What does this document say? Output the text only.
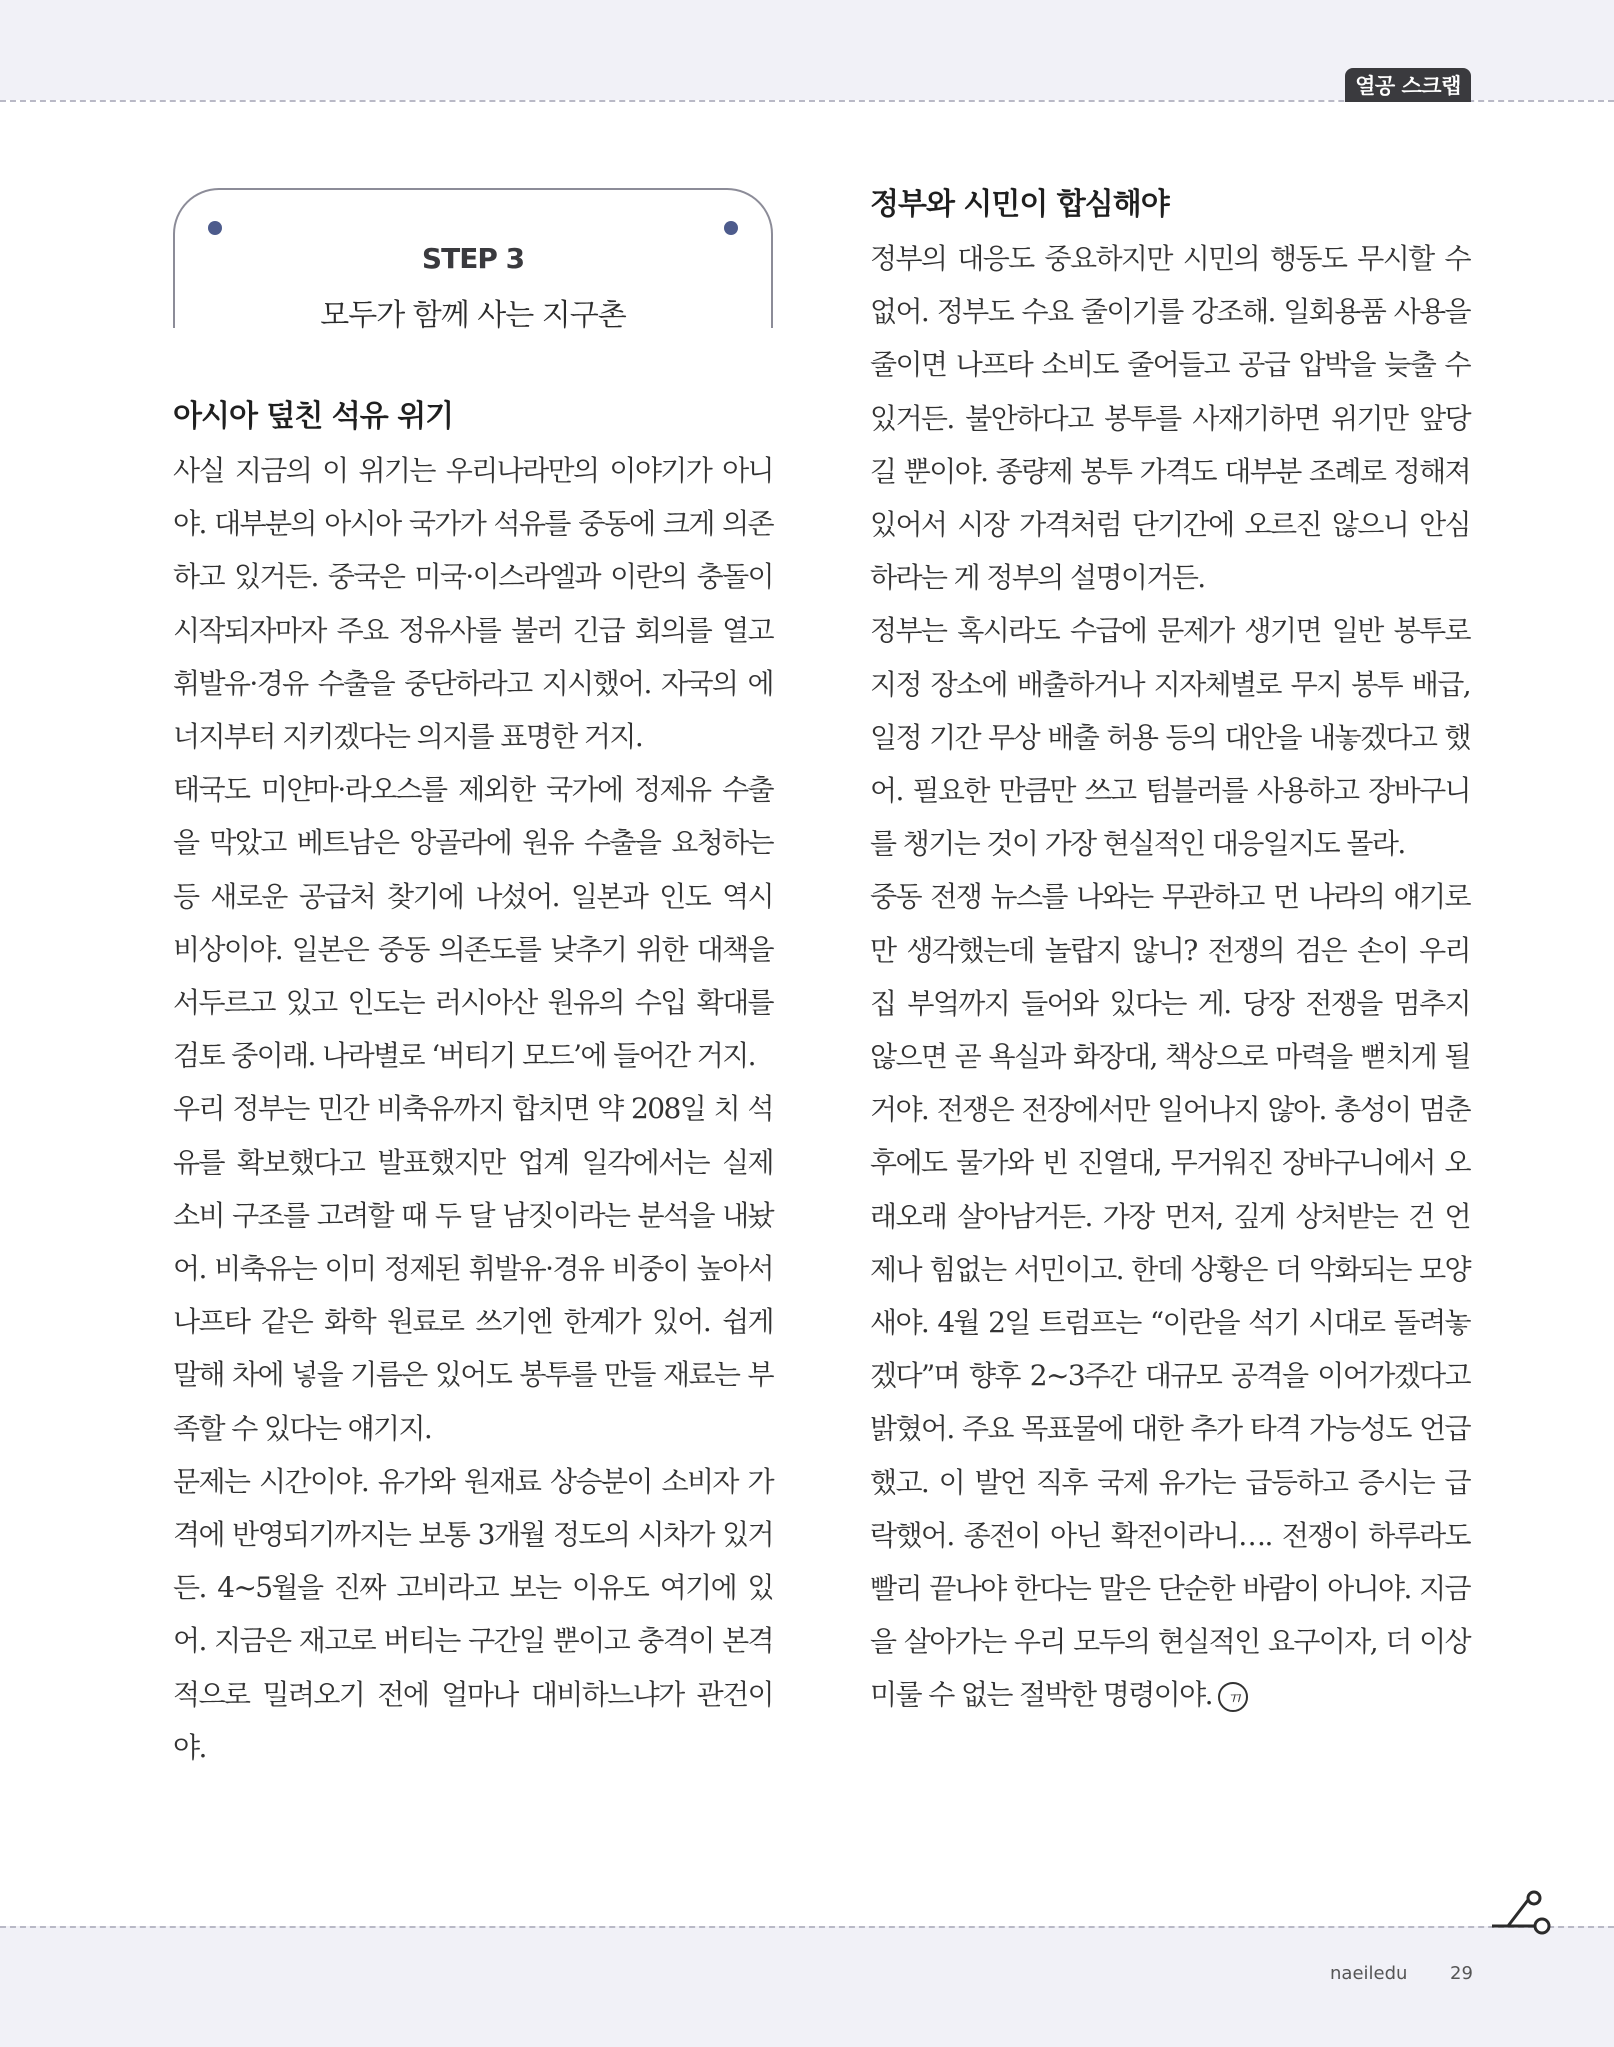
열공 스크랩
STEP 3
모두가 함께 사는 지구촌
아시아 덮친 석유 위기

사실 지금의 이 위기는 우리나라만의 이야기가 아니야. 대부분의 아시아 국가가 석유를 중동에 크게 의존하고 있거든. 중국은 미국·이스라엘과 이란의 충돌이 시작되자마자 주요 정유사를 불러 긴급 회의를 열고 휘발유·경유 수출을 중단하라고 지시했어. 자국의 에너지부터 지키겠다는 의지를 표명한 거지.

태국도 미얀마·라오스를 제외한 국가에 정제유 수출을 막았고 베트남은 앙골라에 원유 수출을 요청하는 등 새로운 공급처 찾기에 나섰어. 일본과 인도 역시 비상이야. 일본은 중동 의존도를 낮추기 위한 대책을 서두르고 있고 인도는 러시아산 원유의 수입 확대를 검토 중이래. 나라별로 ‘버티기 모드’에 들어간 거지.

우리 정부는 민간 비축유까지 합치면 약 208일 치 석유를 확보했다고 발표했지만 업계 일각에서는 실제 소비 구조를 고려할 때 두 달 남짓이라는 분석을 내놨어. 비축유는 이미 정제된 휘발유·경유 비중이 높아서 나프타 같은 화학 원료로 쓰기엔 한계가 있어. 쉽게 말해 차에 넣을 기름은 있어도 봉투를 만들 재료는 부족할 수 있다는 얘기지.

문제는 시간이야. 유가와 원재료 상승분이 소비자 가격에 반영되기까지는 보통 3개월 정도의 시차가 있거든. 4~5월을 진짜 고비라고 보는 이유도 여기에 있어. 지금은 재고로 버티는 구간일 뿐이고 충격이 본격적으로 밀려오기 전에 얼마나 대비하느냐가 관건이야.

정부와 시민이 합심해야

정부의 대응도 중요하지만 시민의 행동도 무시할 수 없어. 정부도 수요 줄이기를 강조해. 일회용품 사용을 줄이면 나프타 소비도 줄어들고 공급 압박을 늦출 수 있거든. 불안하다고 봉투를 사재기하면 위기만 앞당길 뿐이야. 종량제 봉투 가격도 대부분 조례로 정해져 있어서 시장 가격처럼 단기간에 오르진 않으니 안심하라는 게 정부의 설명이거든.

정부는 혹시라도 수급에 문제가 생기면 일반 봉투로 지정 장소에 배출하거나 지자체별로 무지 봉투 배급, 일정 기간 무상 배출 허용 등의 대안을 내놓겠다고 했어. 필요한 만큼만 쓰고 텀블러를 사용하고 장바구니를 챙기는 것이 가장 현실적인 대응일지도 몰라.

중동 전쟁 뉴스를 나와는 무관하고 먼 나라의 얘기로만 생각했는데 놀랍지 않니? 전쟁의 검은 손이 우리 집 부엌까지 들어와 있다는 게. 당장 전쟁을 멈추지 않으면 곧 욕실과 화장대, 책상으로 마력을 뻗치게 될 거야. 전쟁은 전장에서만 일어나지 않아. 총성이 멈춘 후에도 물가와 빈 진열대, 무거워진 장바구니에서 오래오래 살아남거든. 가장 먼저, 깊게 상처받는 건 언제나 힘없는 서민이고. 한데 상황은 더 악화되는 모양새야. 4월 2일 트럼프는 “이란을 석기 시대로 돌려놓겠다”며 향후 2~3주간 대규모 공격을 이어가겠다고 밝혔어. 주요 목표물에 대한 추가 타격 가능성도 언급했고. 이 발언 직후 국제 유가는 급등하고 증시는 급락했어. 종전이 아닌 확전이라니…. 전쟁이 하루라도 빨리 끝나야 한다는 말은 단순한 바람이 아니야. 지금을 살아가는 우리 모두의 현실적인 요구이자, 더 이상 미룰 수 없는 절박한 명령이야. ㄲ

naeiledu 29
